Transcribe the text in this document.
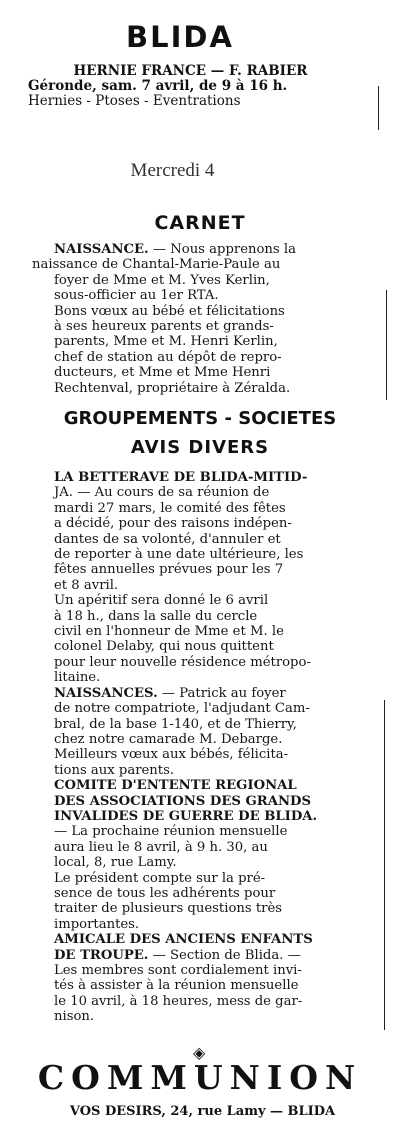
BLIDA
HERNIE FRANCE — F. RABIER
Géronde, sam. 7 avril, de 9 à 16 h.
Hernies - Ptoses - Eventrations
Mercredi 4
CARNET

NAISSANCE. — Nous apprenons la
naissance de Chantal-Marie-Paule au
foyer de Mme et M. Yves Kerlin,
sous-officier au 1er RTA.

Bons vœux au bébé et félicitations
à ses heureux parents et grands-
parents, Mme et M. Henri Kerlin,
chef de station au dépôt de repro-
ducteurs, et Mme et Mme Henri
Rechtenval, propriétaire à Zéralda.

GROUPEMENTS - SOCIETES
AVIS DIVERS

LA BETTERAVE DE BLIDA-MITID-
JA. — Au cours de sa réunion de
mardi 27 mars, le comité des fêtes
a décidé, pour des raisons indépen-
dantes de sa volonté, d'annuler et
de reporter à une date ultérieure, les
fêtes annuelles prévues pour les 7
et 8 avril.

Un apéritif sera donné le 6 avril
à 18 h., dans la salle du cercle
civil en l'honneur de Mme et M. le
colonel Delaby, qui nous quittent
pour leur nouvelle résidence métropo-
litaine.

NAISSANCES. — Patrick au foyer
de notre compatriote, l'adjudant Cam-
bral, de la base 1-140, et de Thierry,
chez notre camarade M. Debarge.

Meilleurs vœux aux bébés, félicita-
tions aux parents.

COMITE D'ENTENTE REGIONAL
DES ASSOCIATIONS DES GRANDS
INVALIDES DE GUERRE DE BLIDA.
— La prochaine réunion mensuelle
aura lieu le 8 avril, à 9 h. 30, au
local, 8, rue Lamy.

Le président compte sur la pré-
sence de tous les adhérents pour
traiter de plusieurs questions très
importantes.

AMICALE DES ANCIENS ENFANTS
DE TROUPE. — Section de Blida. —
Les membres sont cordialement invi-
tés à assister à la réunion mensuelle
le 10 avril, à 18 heures, mess de gar-
nison.

◈
COMMUNION
VOS DESIRS, 24, rue Lamy — BLIDA
